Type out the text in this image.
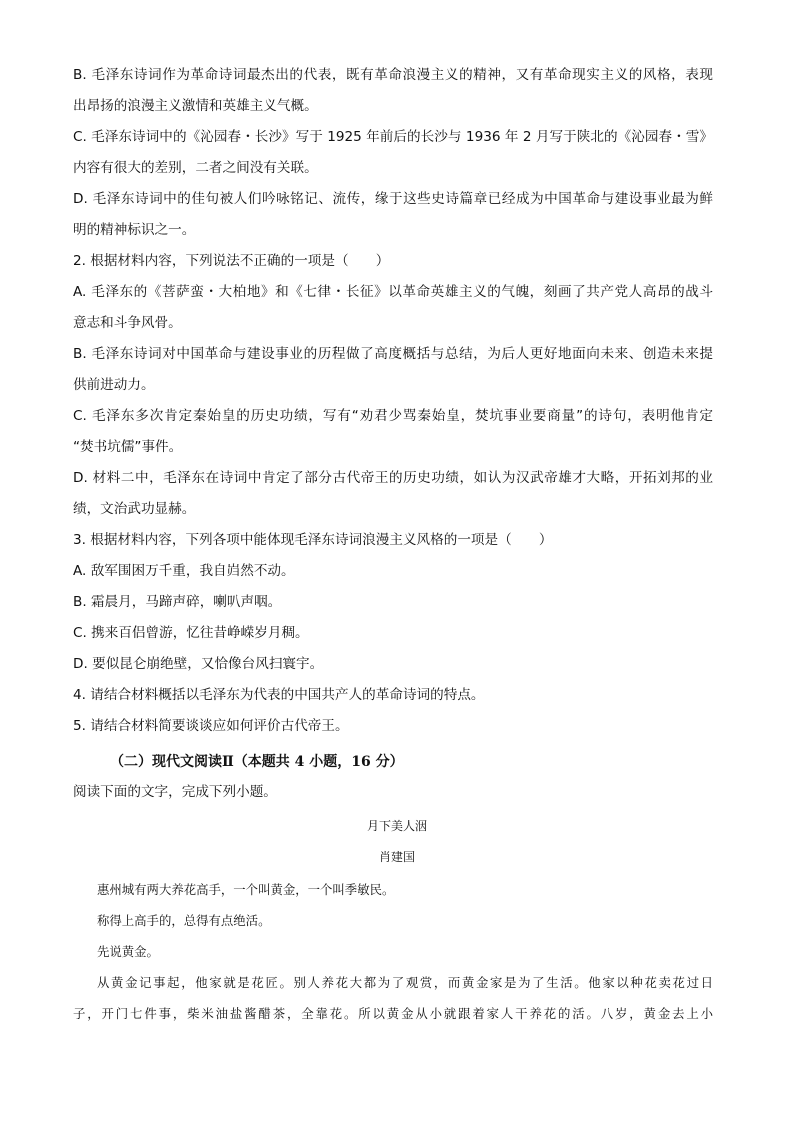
B. 毛泽东诗词作为革命诗词最杰出的代表，既有革命浪漫主义的精神，又有革命现实主义的风格，表现
出昂扬的浪漫主义激情和英雄主义气概。
C. 毛泽东诗词中的《沁园春・长沙》写于 1925 年前后的长沙与 1936 年 2 月写于陕北的《沁园春・雪》
内容有很大的差别，二者之间没有关联。
D. 毛泽东诗词中的佳句被人们吟咏铭记、流传，缘于这些史诗篇章已经成为中国革命与建设事业最为鲜
明的精神标识之一。
2. 根据材料内容，下列说法不正确的一项是（　　）
A. 毛泽东的《菩萨蛮・大柏地》和《七律・长征》以革命英雄主义的气魄，刻画了共产党人高昂的战斗
意志和斗争风骨。
B. 毛泽东诗词对中国革命与建设事业的历程做了高度概括与总结，为后人更好地面向未来、创造未来提
供前进动力。
C. 毛泽东多次肯定秦始皇的历史功绩，写有“劝君少骂秦始皇，焚坑事业要商量”的诗句，表明他肯定
“焚书坑儒”事件。
D. 材料二中，毛泽东在诗词中肯定了部分古代帝王的历史功绩，如认为汉武帝雄才大略，开拓刘邦的业
绩，文治武功显赫。
3. 根据材料内容，下列各项中能体现毛泽东诗词浪漫主义风格的一项是（　　）
A. 敌军围困万千重，我自岿然不动。
B. 霜晨月，马蹄声碎，喇叭声咽。
C. 携来百侣曾游，忆往昔峥嵘岁月稠。
D. 要似昆仑崩绝壁，又恰像台风扫寰宇。
4. 请结合材料概括以毛泽东为代表的中国共产人的革命诗词的特点。
5. 请结合材料简要谈谈应如何评价古代帝王。
（二）现代文阅读Ⅱ（本题共 4 小题，16 分）
阅读下面的文字，完成下列小题。
月下美人洇
肖建国
惠州城有两大养花高手，一个叫黄金，一个叫季敏民。
称得上高手的，总得有点绝活。
先说黄金。
从黄金记事起，他家就是花匠。别人养花大都为了观赏，而黄金家是为了生活。他家以种花卖花过日
子，开门七件事，柴米油盐酱醋茶，全靠花。所以黄金从小就跟着家人干养花的活。八岁，黄金去上小
